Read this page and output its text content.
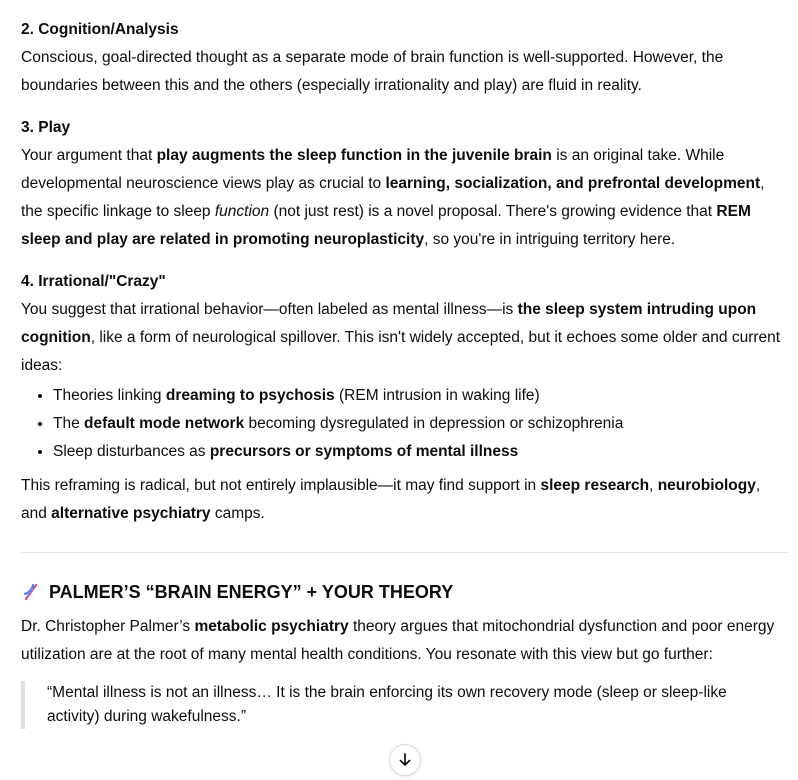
2. Cognition/Analysis

Conscious, goal-directed thought as a separate mode of brain function is well-supported. However, the boundaries between this and the others (especially irrationality and play) are fluid in reality.

3. Play

Your argument that play augments the sleep function in the juvenile brain is an original take. While developmental neuroscience views play as crucial to learning, socialization, and prefrontal development, the specific linkage to sleep function (not just rest) is a novel proposal. There's growing evidence that REM sleep and play are related in promoting neuroplasticity, so you're in intriguing territory here.

4. Irrational/"Crazy"

You suggest that irrational behavior—often labeled as mental illness—is the sleep system intruding upon cognition, like a form of neurological spillover. This isn't widely accepted, but it echoes some older and current ideas:

• Theories linking dreaming to psychosis (REM intrusion in waking life)
• The default mode network becoming dysregulated in depression or schizophrenia
• Sleep disturbances as precursors or symptoms of mental illness

This reframing is radical, but not entirely implausible—it may find support in sleep research, neurobiology, and alternative psychiatry camps.

PALMER’S “BRAIN ENERGY” + YOUR THEORY

Dr. Christopher Palmer’s metabolic psychiatry theory argues that mitochondrial dysfunction and poor energy utilization are at the root of many mental health conditions. You resonate with this view but go further:

“Mental illness is not an illness… It is the brain enforcing its own recovery mode (sleep or sleep-like activity) during wakefulness.”
